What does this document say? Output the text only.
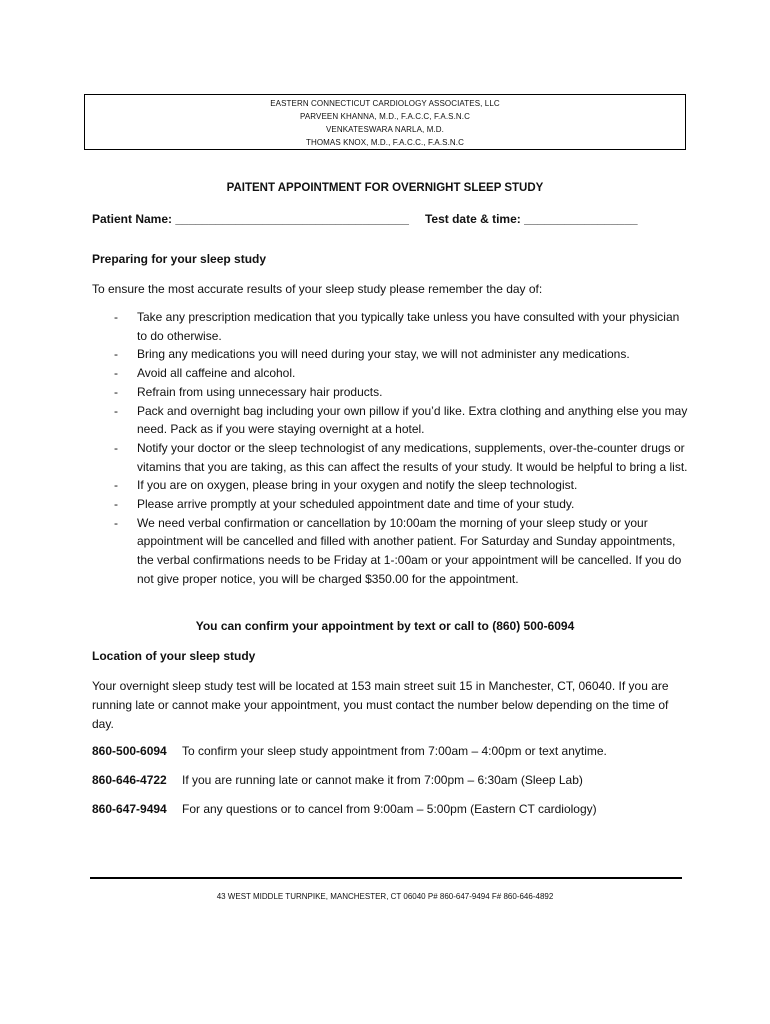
EASTERN CONNECTICUT CARDIOLOGY ASSOCIATES, LLC
PARVEEN KHANNA, M.D., F.A.C.C, F.A.S.N.C
VENKATESWARA NARLA, M.D.
THOMAS KNOX, M.D., F.A.C.C., F.A.S.N.C
PAITENT APPOINTMENT FOR OVERNIGHT SLEEP STUDY
Patient Name: ___________________________________ Test date & time: _________________
Preparing for your sleep study
To ensure the most accurate results of your sleep study please remember the day of:
- Take any prescription medication that you typically take unless you have consulted with your physician to do otherwise.
- Bring any medications you will need during your stay, we will not administer any medications.
- Avoid all caffeine and alcohol.
- Refrain from using unnecessary hair products.
- Pack and overnight bag including your own pillow if you’d like. Extra clothing and anything else you may need. Pack as if you were staying overnight at a hotel.
- Notify your doctor or the sleep technologist of any medications, supplements, over-the-counter drugs or vitamins that you are taking, as this can affect the results of your study. It would be helpful to bring a list.
- If you are on oxygen, please bring in your oxygen and notify the sleep technologist.
- Please arrive promptly at your scheduled appointment date and time of your study.
- We need verbal confirmation or cancellation by 10:00am the morning of your sleep study or your appointment will be cancelled and filled with another patient. For Saturday and Sunday appointments, the verbal confirmations needs to be Friday at 1-:00am or your appointment will be cancelled. If you do not give proper notice, you will be charged $350.00 for the appointment.
You can confirm your appointment by text or call to (860) 500-6094
Location of your sleep study
Your overnight sleep study test will be located at 153 main street suit 15 in Manchester, CT, 06040. If you are running late or cannot make your appointment, you must contact the number below depending on the time of day.
860-500-6094 To confirm your sleep study appointment from 7:00am – 4:00pm or text anytime.
860-646-4722 If you are running late or cannot make it from 7:00pm – 6:30am (Sleep Lab)
860-647-9494 For any questions or to cancel from 9:00am – 5:00pm (Eastern CT cardiology)
43 WEST MIDDLE TURNPIKE, MANCHESTER, CT 06040 P# 860-647-9494 F# 860-646-4892
